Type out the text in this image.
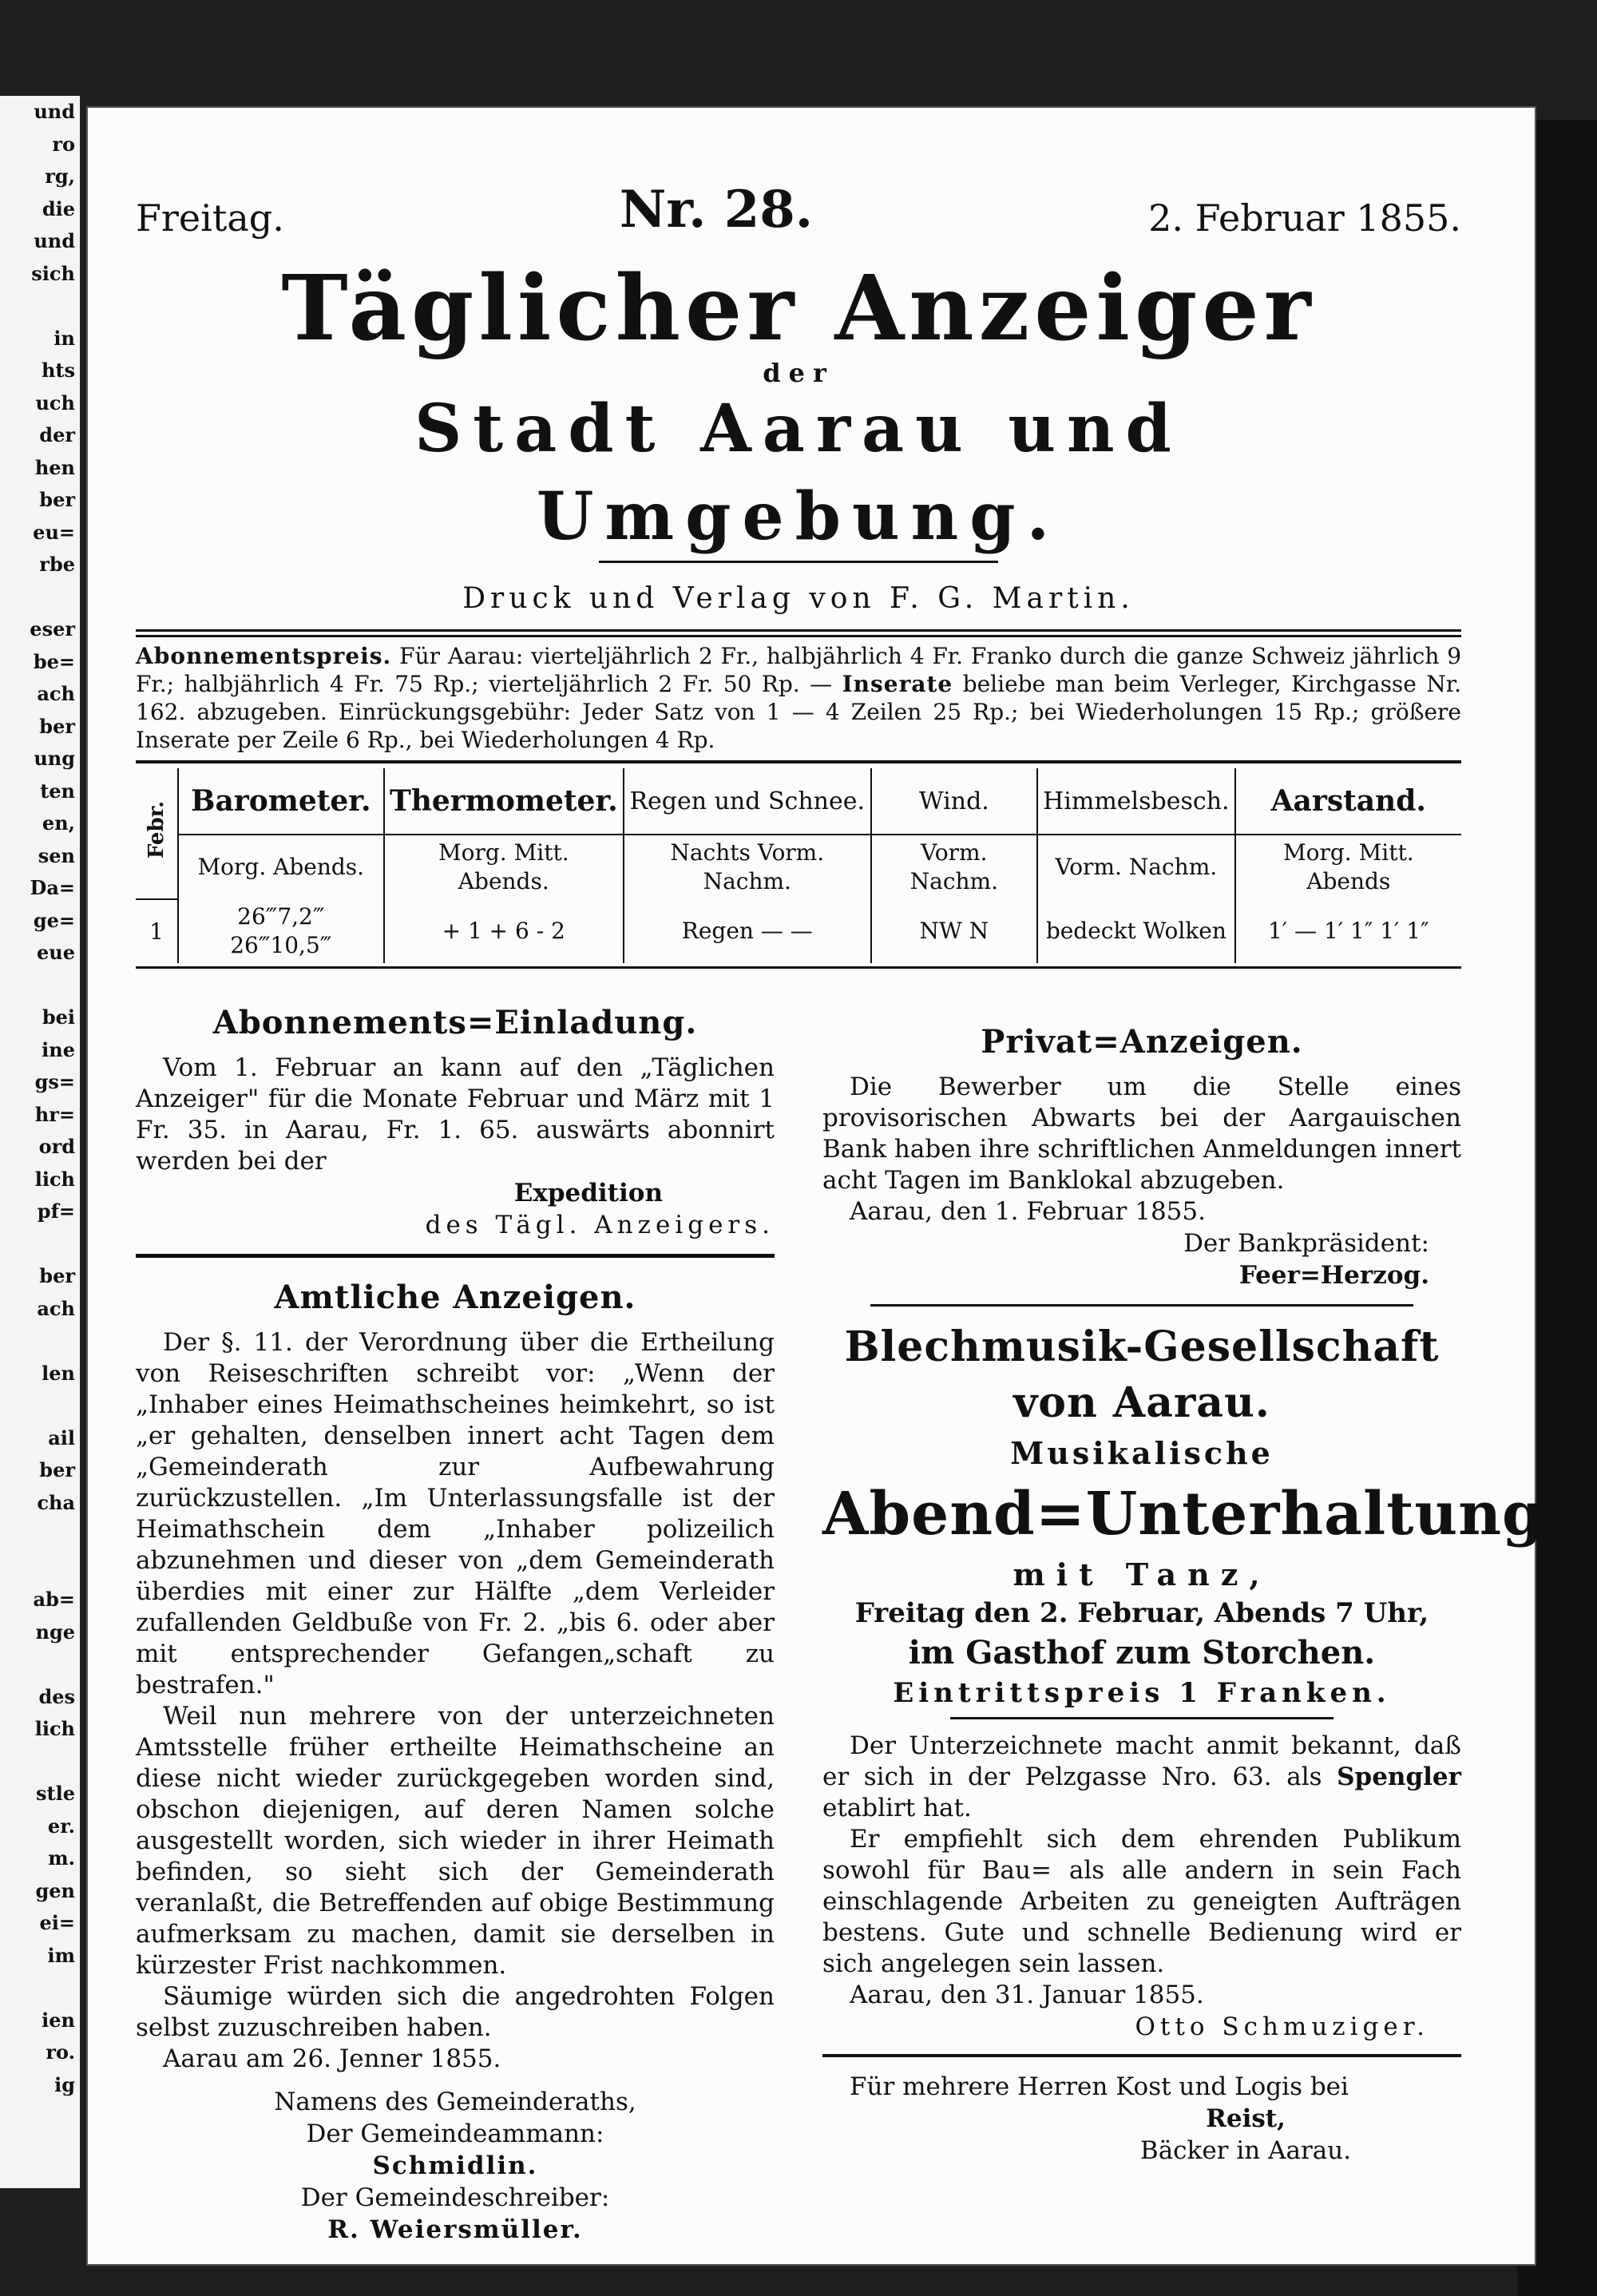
und
ro
rg,
die
und
sich

in
hts
uch
der
hen
ber
eu=
rbe

eser
be=
ach
ber
ung
ten
en,
sen
Da=
ge=
eue

bei
ine
gs=
hr=
ord
lich
pf=

ber
ach

len

ail
ber
cha

ab=
nge

des
lich

stle
er.
m.
gen
ei=
im

ien
ro.
ig
Freitag.	Nr. 28.	2. Februar 1855.
Täglicher Anzeiger
der
Stadt Aarau und Umgebung.
Druck und Verlag von F. G. Martin.
Abonnementspreis. Für Aarau: vierteljährlich 2 Fr., halbjährlich 4 Fr. Franko durch die ganze Schweiz jährlich 9 Fr.; halbjährlich 4 Fr. 75 Rp.; vierteljährlich 2 Fr. 50 Rp. — Inserate beliebe man beim Verleger, Kirchgasse Nr. 162. abzugeben. Einrückungsgebühr: Jeder Satz von 1 — 4 Zeilen 25 Rp.; bei Wiederholungen 15 Rp.; größere Inserate per Zeile 6 Rp., bei Wiederholungen 4 Rp.
Febr.	Barometer.	Thermometer.	Regen und Schnee.	Wind.	Himmelsbesch.	Aarstand.
	Morg. Abends.	Morg. Mitt. Abends.	Nachts Vorm. Nachm.	Vorm. Nachm.	Vorm. Nachm.	Morg. Mitt. Abends
1	26‴7,2‴ 26‴10,5‴	+ 1 + 6 - 2	Regen — —	NW N	bedeckt Wolken	1′ — 1′ 1″ 1′ 1″
Abonnements=Einladung.

Vom 1. Februar an kann auf den „Täglichen Anzeiger" für die Monate Februar und März mit 1 Fr. 35. in Aarau, Fr. 1. 65. auswärts abonnirt werden bei der

Expedition
des Tägl. Anzeigers.
Amtliche Anzeigen.

Der §. 11. der Verordnung über die Ertheilung von Reiseschriften schreibt vor: „Wenn der „Inhaber eines Heimathscheines heimkehrt, so ist „er gehalten, denselben innert acht Tagen dem „Gemeinderath zur Aufbewahrung zurückzustellen. „Im Unterlassungsfalle ist der Heimathschein dem „Inhaber polizeilich abzunehmen und dieser von „dem Gemeinderath überdies mit einer zur Hälfte „dem Verleider zufallenden Geldbuße von Fr. 2. „bis 6. oder aber mit entsprechender Gefangen„schaft zu bestrafen."

Weil nun mehrere von der unterzeichneten Amtsstelle früher ertheilte Heimathscheine an diese nicht wieder zurückgegeben worden sind, obschon diejenigen, auf deren Namen solche ausgestellt worden, sich wieder in ihrer Heimath befinden, so sieht sich der Gemeinderath veranlaßt, die Betreffenden auf obige Bestimmung aufmerksam zu machen, damit sie derselben in kürzester Frist nachkommen.

Säumige würden sich die angedrohten Folgen selbst zuzuschreiben haben.

Aarau am 26. Jenner 1855.

Namens des Gemeinderaths,
Der Gemeindeammann:
Schmidlin.
Der Gemeindeschreiber:
R. Weiersmüller.
Privat=Anzeigen.

Die Bewerber um die Stelle eines provisorischen Abwarts bei der Aargauischen Bank haben ihre schriftlichen Anmeldungen innert acht Tagen im Banklokal abzugeben.

Aarau, den 1. Februar 1855.

Der Bankpräsident:
Feer=Herzog.
Blechmusik-Gesellschaft von Aarau.
Musikalische
Abend=Unterhaltung
mit Tanz,
Freitag den 2. Februar, Abends 7 Uhr,
im Gasthof zum Storchen.
Eintrittspreis 1 Franken.

Der Unterzeichnete macht anmit bekannt, daß er sich in der Pelzgasse Nro. 63. als Spengler etablirt hat.

Er empfiehlt sich dem ehrenden Publikum sowohl für Bau= als alle andern in sein Fach einschlagende Arbeiten zu geneigten Aufträgen bestens. Gute und schnelle Bedienung wird er sich angelegen sein lassen.

Aarau, den 31. Januar 1855.

Otto Schmuziger.

Für mehrere Herren Kost und Logis bei

Reist,
Bäcker in Aarau.
